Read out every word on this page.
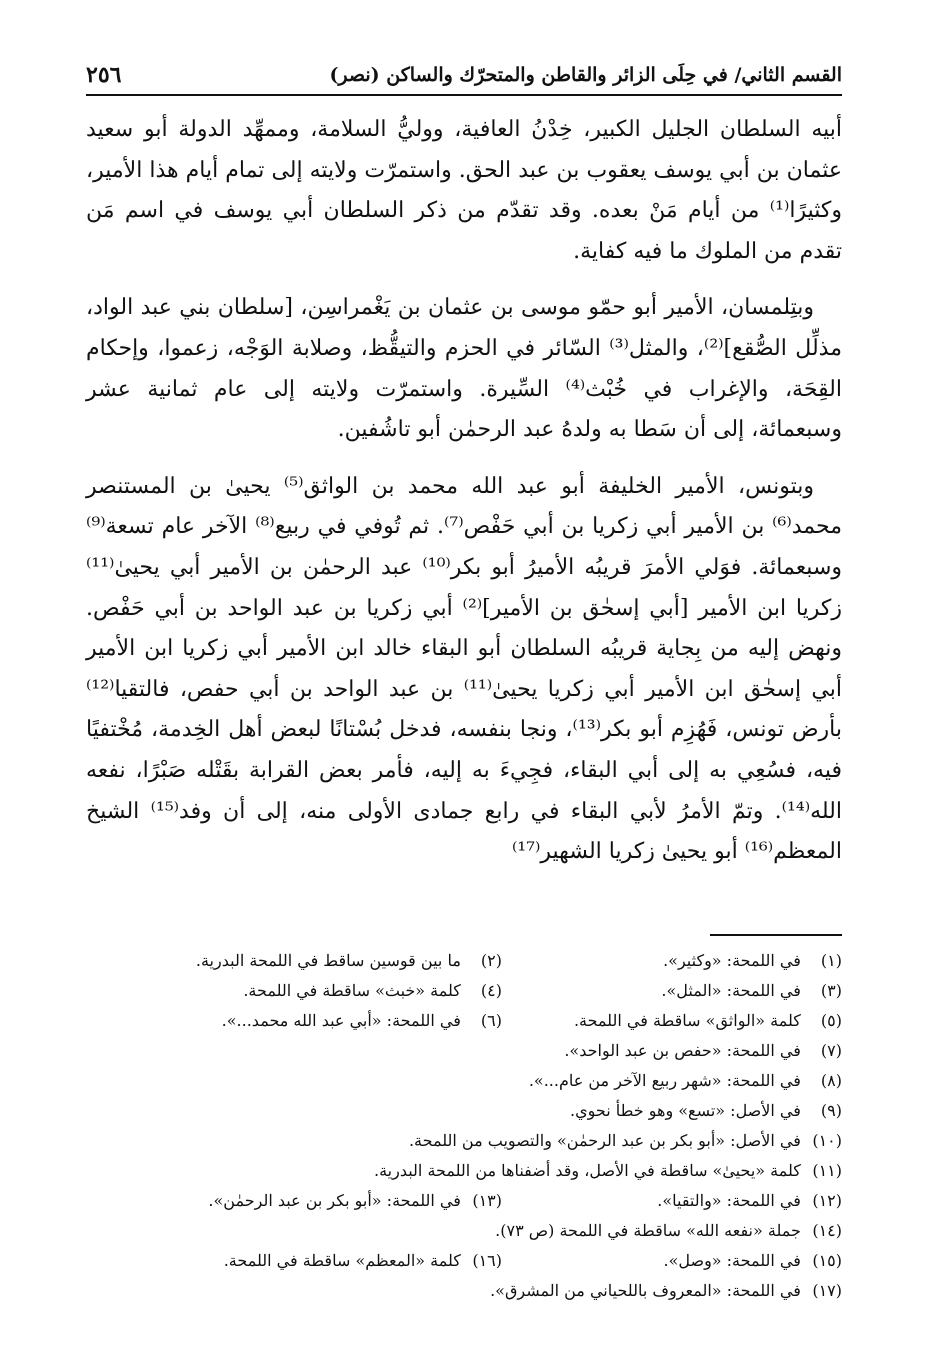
القسم الثاني/ في حِلَى الزائر والقاطن والمتحرّك والساكن (نصر)
٢٥٦

أبيه السلطان الجليل الكبير، خِدْنُ العافية، ووليُّ السلامة، وممهِّد الدولة أبو سعيد عثمان بن أبي يوسف يعقوب بن عبد الحق. واستمرّت ولايته إلى تمام أيام هذا الأمير، وكثيرًا⁽¹⁾ من أيام مَنْ بعده. وقد تقدّم من ذكر السلطان أبي يوسف في اسم مَن تقدم من الملوك ما فيه كفاية.

وبتِلمسان، الأمير أبو حمّو موسى بن عثمان بن يَغْمراسِن، [سلطان بني عبد الواد، مذلِّل الصُّقع]⁽²⁾، والمثل⁽³⁾ السّائر في الحزم والتيقُّظ، وصلابة الوَجْه، زعموا، وإحكام القِحَة، والإغراب في خُبْث⁽⁴⁾ السِّيرة. واستمرّت ولايته إلى عام ثمانية عشر وسبعمائة، إلى أن سَطا به ولدهُ عبد الرحمٰن أبو تاشُفين.

وبتونس، الأمير الخليفة أبو عبد الله محمد بن الواثق⁽⁵⁾ يحيىٰ بن المستنصر محمد⁽⁶⁾ بن الأمير أبي زكريا بن أبي حَفْص⁽⁷⁾. ثم تُوفي في ربيع⁽⁸⁾ الآخر عام تسعة⁽⁹⁾ وسبعمائة. فوَلي الأمرَ قريبُه الأميرُ أبو بكر⁽¹⁰⁾ عبد الرحمٰن بن الأمير أبي يحيىٰ⁽¹¹⁾ زكريا ابن الأمير [أبي إسحٰق بن الأمير]⁽²⁾ أبي زكريا بن عبد الواحد بن أبي حَفْص. ونهض إليه من بِجاية قريبُه السلطان أبو البقاء خالد ابن الأمير أبي زكريا ابن الأمير أبي إسحٰق ابن الأمير أبي زكريا يحيىٰ⁽¹¹⁾ بن عبد الواحد بن أبي حفص، فالتقيا⁽¹²⁾ بأرض تونس، فَهُزِم أبو بكر⁽¹³⁾، ونجا بنفسه، فدخل بُسْتانًا لبعض أهل الخِدمة، مُخْتفيًا فيه، فسُعِي به إلى أبي البقاء، فجِيءَ به إليه، فأمر بعض القرابة بقَتْله صَبْرًا، نفعه الله⁽¹⁴⁾. وتمّ الأمرُ لأبي البقاء في رابع جمادى الأولى منه، إلى أن وفد⁽¹⁵⁾ الشيخ المعظم⁽¹⁶⁾ أبو يحيىٰ زكريا الشهير⁽¹⁷⁾

(١) في اللمحة: «وكثير».
(٢) ما بين قوسين ساقط في اللمحة البدرية.
(٣) في اللمحة: «المثل».
(٤) كلمة «خبث» ساقطة في اللمحة.
(٥) كلمة «الواثق» ساقطة في اللمحة.
(٦) في اللمحة: «أبي عبد الله محمد...».
(٧) في اللمحة: «حفص بن عبد الواحد».
(٨) في اللمحة: «شهر ربيع الآخر من عام...».
(٩) في الأصل: «تسع» وهو خطأ نحوي.
(١٠) في الأصل: «أبو بكر بن عبد الرحمٰن» والتصويب من اللمحة.
(١١) كلمة «يحيىٰ» ساقطة في الأصل، وقد أضفناها من اللمحة البدرية.
(١٢) في اللمحة: «والتقيا».
(١٣) في اللمحة: «أبو بكر بن عبد الرحمٰن».
(١٤) جملة «نفعه الله» ساقطة في اللمحة (ص ٧٣).
(١٥) في اللمحة: «وصل».
(١٦) كلمة «المعظم» ساقطة في اللمحة.
(١٧) في اللمحة: «المعروف باللحياني من المشرق».
